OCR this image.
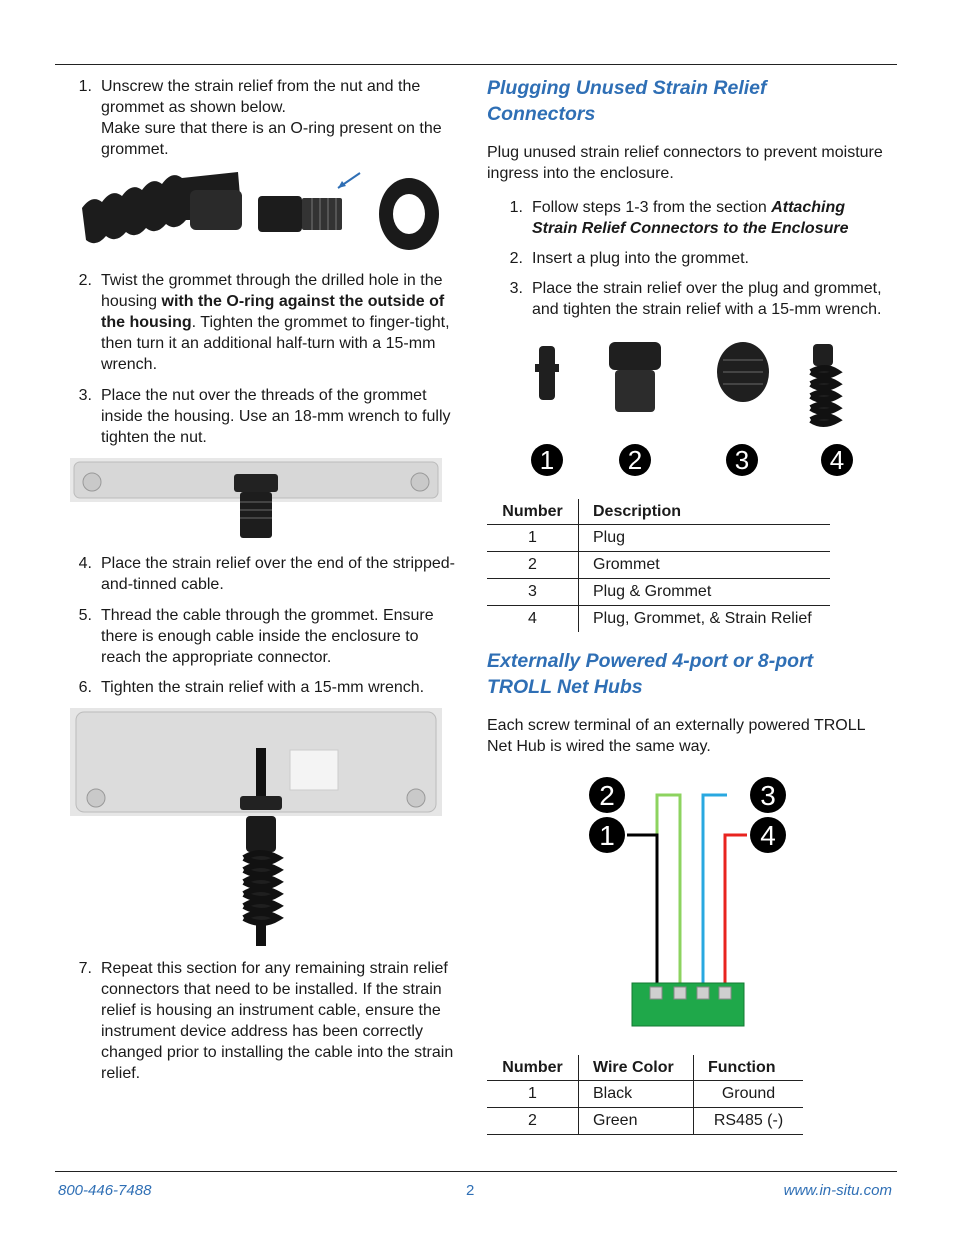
1. Unscrew the strain relief from the nut and the
grommet as shown below.
Make sure that there is an O-ring present on the
grommet.
2. Twist the grommet through the drilled hole in the
housing with the O-ring against the outside of
the housing. Tighten the grommet to finger-tight,
then turn it an additional half-turn with a 15-mm
wrench.
3. Place the nut over the threads of the grommet
inside the housing. Use an 18-mm wrench to fully
tighten the nut.
4. Place the strain relief over the end of the stripped-
and-tinned cable.
5. Thread the cable through the grommet. Ensure
there is enough cable inside the enclosure to
reach the appropriate connector.
6. Tighten the strain relief with a 15-mm wrench.
7. Repeat this section for any remaining strain relief
connectors that need to be installed. If the strain
relief is housing an instrument cable, ensure the
instrument device address has been correctly
changed prior to installing the cable into the strain
relief.
Plugging Unused Strain Relief
Connectors
Plug unused strain relief connectors to prevent moisture
ingress into the enclosure.
1. Follow steps 1-3 from the section Attaching
Strain Relief Connectors to the Enclosure
2. Insert a plug into the grommet.
3. Place the strain relief over the plug and grommet,
and tighten the strain relief with a 15-mm wrench.
1	2	3	4
Number	Description
1	Plug
2	Grommet
3	Plug & Grommet
4	Plug, Grommet, & Strain Relief
Externally Powered 4-port or 8-port
TROLL Net Hubs
Each screw terminal of an externally powered TROLL
Net Hub is wired the same way.
2	3
1	4
Number	Wire Color	Function
1	Black	Ground
2	Green	RS485 (-)
800-446-7488	2	www.in-situ.com
